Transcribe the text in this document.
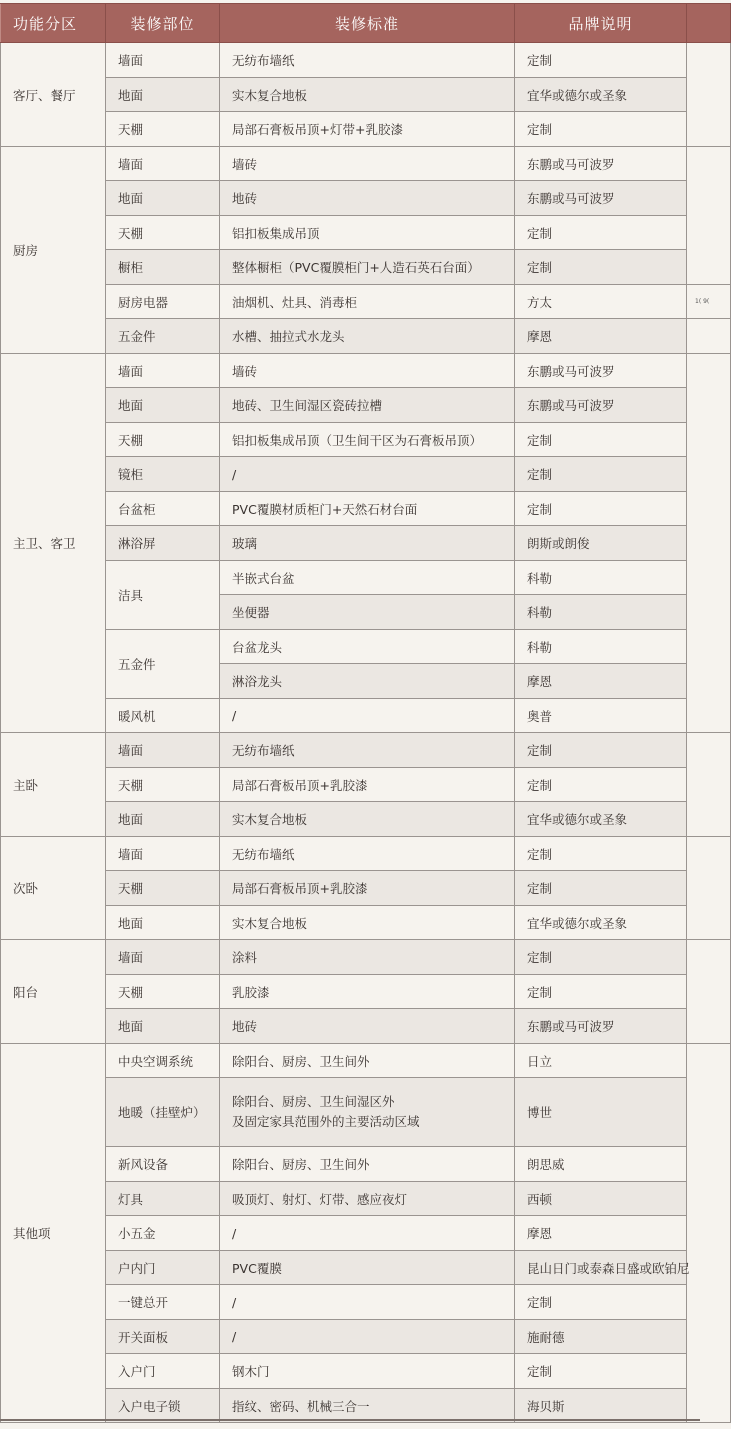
功能分区	装修部位	装修标准	品牌说明	
客厅、餐厅	墙面	无纺布墙纸	定制	
	地面	实木复合地板	宜华或德尔或圣象	
	天棚	局部石膏板吊顶+灯带+乳胶漆	定制	
厨房	墙面	墙砖	东鹏或马可波罗	
	地面	地砖	东鹏或马可波罗	
	天棚	铝扣板集成吊顶	定制	
	橱柜	整体橱柜（PVC覆膜柜门+人造石英石台面）	定制	
	厨房电器	油烟机、灶具、消毒柜	方太	1( 9(
	五金件	水槽、抽拉式水龙头	摩恩	
主卫、客卫	墙面	墙砖	东鹏或马可波罗	
	地面	地砖、卫生间湿区瓷砖拉槽	东鹏或马可波罗	
	天棚	铝扣板集成吊顶（卫生间干区为石膏板吊顶）	定制	
	镜柜	/	定制	
	台盆柜	PVC覆膜材质柜门+天然石材台面	定制	
	淋浴屏	玻璃	朗斯或朗俊	
	洁具	半嵌式台盆	科勒	
		坐便器	科勒	
	五金件	台盆龙头	科勒	
		淋浴龙头	摩恩	
	暖风机	/	奥普	
主卧	墙面	无纺布墙纸	定制	
	天棚	局部石膏板吊顶+乳胶漆	定制	
	地面	实木复合地板	宜华或德尔或圣象	
次卧	墙面	无纺布墙纸	定制	
	天棚	局部石膏板吊顶+乳胶漆	定制	
	地面	实木复合地板	宜华或德尔或圣象	
阳台	墙面	涂料	定制	
	天棚	乳胶漆	定制	
	地面	地砖	东鹏或马可波罗	
其他项	中央空调系统	除阳台、厨房、卫生间外	日立	
	地暖（挂壁炉）	除阳台、厨房、卫生间湿区外
及固定家具范围外的主要活动区域	博世	
	新风设备	除阳台、厨房、卫生间外	朗思威	
	灯具	吸顶灯、射灯、灯带、感应夜灯	西顿	
	小五金	/	摩恩	
	户内门	PVC覆膜	昆山日门或泰森日盛或欧铂尼	
	一键总开	/	定制	
	开关面板	/	施耐德	
	入户门	钢木门	定制	
	入户电子锁	指纹、密码、机械三合一	海贝斯	
